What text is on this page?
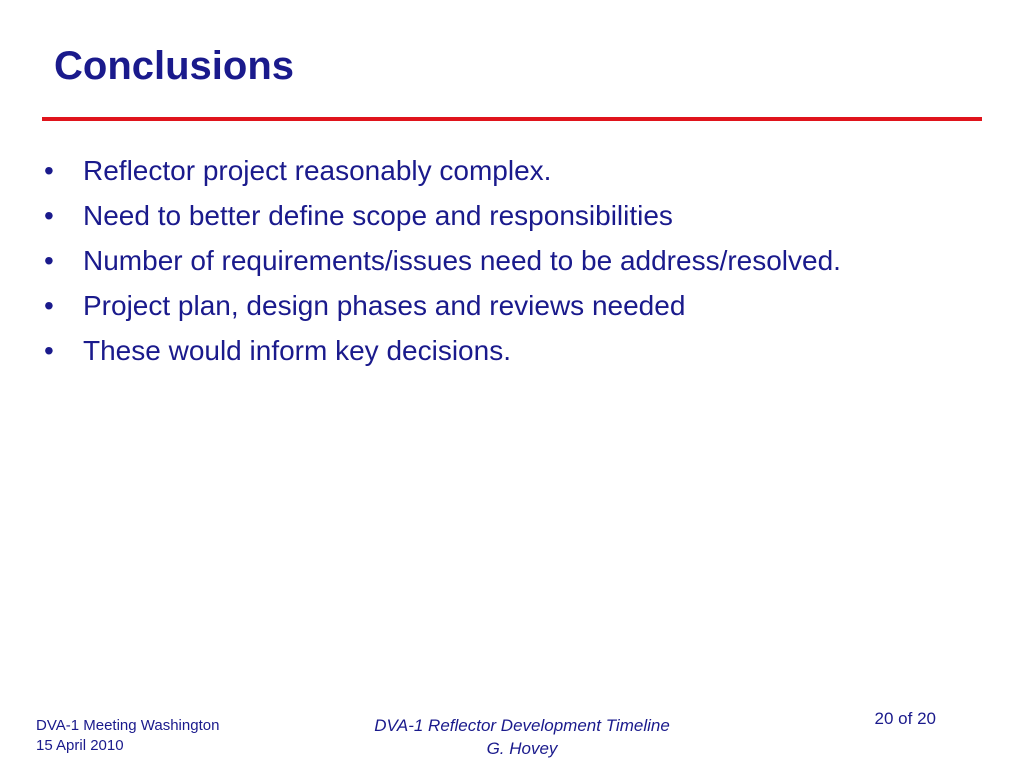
Conclusions
•	Reflector project reasonably complex.
•	Need to better define scope and responsibilities
•	Number of requirements/issues need to be address/resolved.
•	Project plan, design phases and reviews needed
•	These would inform key decisions.
DVA-1 Meeting Washington
15 April 2010
DVA-1 Reflector Development Timeline
G. Hovey
20 of 20
